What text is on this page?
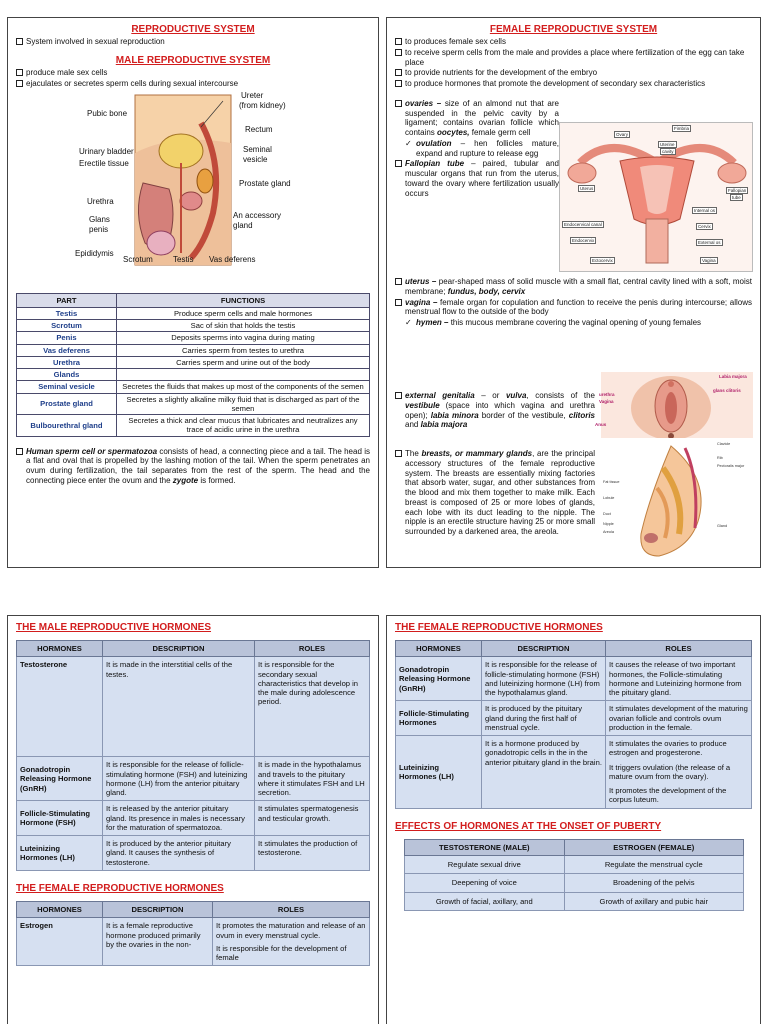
REPRODUCTIVE SYSTEM
System involved in sexual reproduction
MALE REPRODUCTIVE SYSTEM
produce male sex cells
ejaculates or secretes sperm cells during sexual intercourse
Ureter
(from kidney)
Pubic bone
Rectum
Urinary bladder
Erectile tissue
Seminal
vesicle
Prostate gland
Urethra
Glans
penis
An accessory
gland
Epididymis
Scrotum	Testis Vas deferens
PART	FUNCTIONS
Testis	Produce sperm cells and male hormones
Scrotum	Sac of skin that holds the testis
Penis	Deposits sperms into vagina during mating
Vas deferens	Carries sperm from testes to urethra
Urethra	Carries sperm and urine out of the body
Glands	
Seminal vesicle	Secretes the fluids that makes up most of the components of the semen
Prostate gland	Secretes a slightly alkaline milky fluid that is discharged as part of the semen
Bulbourethral gland	Secretes a thick and clear mucus that lubricates and neutralizes any trace of acidic urine in the urethra

Human sperm cell or spermatozoa consists of head, a connecting piece and a tail. The head is a flat and oval that is propelled by the lashing motion of the tail. When the sperm penetrates an ovum during fertilization, the tail separates from the rest of the sperm. The head and the connecting piece enter the ovum and the zygote is formed.

FEMALE REPRODUCTIVE SYSTEM
to produces female sex cells
to receive sperm cells from the male and provides a place where fertilization of the egg can take place
to provide nutrients for the development of the embryo
to produce hormones that promote the development of secondary sex characteristics
Ovary
Fimbria
Uterine
cavity
Uterus	Fallopian
tube
Internal os
Endocervical canal	Cervix
Endocervix	External os
Ectocervix	Vagina

ovaries – size of an almond nut that are suspended in the pelvic cavity by a ligament; contains ovarian follicle which contains oocytes, female germ cell

✓ ovulation – hen follicles mature, expand and rupture to release egg

Fallopian tube – paired, tubular and muscular organs that run from the uterus, toward the ovary where fertilization usually occurs

uterus – pear-shaped mass of solid muscle with a small flat, central cavity lined with a soft, moist membrane; fundus, body, cervix

vagina – female organ for copulation and function to receive the penis during intercourse; allows menstrual flow to the outside of the body

✓ hymen – this mucous membrane covering the vaginal opening of young females

Labia majora
glans clitoris
urethra
Vagina
Anus

external genitalia – or vulva, consists of the vestibule (space into which vagina and urethra open); labia minora border of the vestibule, clitoris and labia majora

Clavicle
Rib
Pectoralis major
Fat tissue
Lobule
Duct
Nipple
Areola
Gland

The breasts, or mammary glands, are the principal accessory structures of the female reproductive system. The breasts are essentially mixing factories that absorb water, sugar, and other substances from the blood and mix them together to make milk. Each breast is composed of 25 or more lobes of glands, each lobe with its duct leading to the nipple. The nipple is an erectile structure having 25 or more small surrounded by a darkened area, the areola.

THE MALE REPRODUCTIVE HORMONES
HORMONES	DESCRIPTION	ROLES
Testosterone	It is made in the interstitial cells of the testes.	It is responsible for the secondary sexual characteristics that develop in the male during adolescence period.
Gonadotropin Releasing Hormone (GnRH)	It is responsible for the release of follicle-stimulating hormone (FSH) and luteinizing hormone (LH) from the anterior pituitary gland.	It is made in the hypothalamus and travels to the pituitary where it stimulates FSH and LH secretion.
Follicle-Stimulating Hormone (FSH)	It is released by the anterior pituitary gland. Its presence in males is necessary for the maturation of spermatozoa.	It stimulates spermatogenesis and testicular growth.
Luteinizing Hormones (LH)	It is produced by the anterior pituitary gland. It causes the synthesis of testosterone.	It stimulates the production of testosterone.
THE FEMALE REPRODUCTIVE HORMONES
HORMONES	DESCRIPTION	ROLES
Estrogen	It is a female reproductive hormone produced primarily by the ovaries in the non-	It promotes the maturation and release of an ovum in every menstrual cycle.
It is responsible for the development of female
THE FEMALE REPRODUCTIVE HORMONES
HORMONES	DESCRIPTION	ROLES
Gonadotropin Releasing Hormone (GnRH)	It is responsible for the release of follicle-stimulating hormone (FSH) and luteinizing hormone (LH) from the hypothalamus gland.	It causes the release of two important hormones, the Follicle-stimulating hormone and Luteinizing hormone from the pituitary gland.
Follicle-Stimulating Hormones	It is produced by the pituitary gland during the first half of menstrual cycle.	It stimulates development of the maturing ovarian follicle and controls ovum production in the female.
Luteinizing Hormones (LH)	It is a hormone produced by gonadotropic cells in the in the anterior pituitary gland in the brain.	It stimulates the ovaries to produce estrogen and progesterone.
It triggers ovulation (the release of a mature ovum from the ovary).
It promotes the development of the corpus luteum.
EFFECTS OF HORMONES AT THE ONSET OF PUBERTY
TESTOSTERONE (MALE)	ESTROGEN (FEMALE)
Regulate sexual drive	Regulate the menstrual cycle
Deepening of voice	Broadening of the pelvis
Growth of facial, axillary, and	Growth of axillary and pubic hair
